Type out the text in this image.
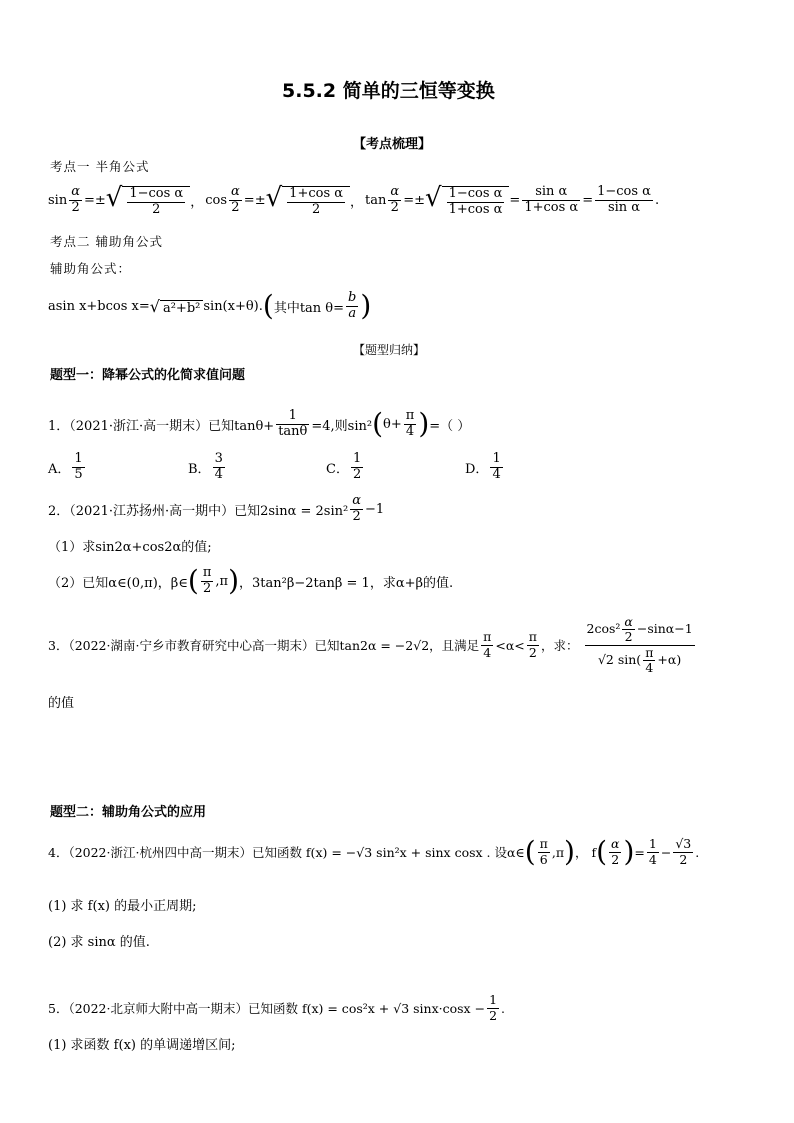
5.5.2 简单的三恒等变换
【考点梳理】
考点一 半角公式
$\sin \frac{\alpha}{2}$ =± √ $\frac{\text{1−cos α}}{2}$ ， $\cos \frac{\alpha}{2}$ =± √ $\frac{\text{1+cos α}}{2}$ ， $\tan \frac{\alpha}{2}$ =± √ $\frac{\text{1−cos α}}{\text{1+cos α}} = \frac{\text{sin α}}{\text{1+cos α}} = \frac{\text{1−cos α}}{\text{sin α}}$ .
考点二 辅助角公式
辅助角公式：
asin x+bcos x= √ a²+b² sin(x+θ). ( 其中$\tan \theta= \frac{b}{a}$ )
【题型归纳】
题型一：降幂公式的化简求值问题
1．（2021·浙江·高一期末）已知$\tan\theta+ \frac{1}{\tan\theta} =4$,则sin² ( $\theta+ \frac{\pi}{4}$ ) =（ ）
A． $\frac{1}{5}$	B． $\frac{3}{4}$	C． $\frac{1}{2}$	D． $\frac{1}{4}$
2．（2021·江苏扬州·高一期中）已知$2\sin\alpha = 2\sin^2 \frac{\alpha}{2} -1$
（1）求sin2α+cos2α的值;
（2）已知α∈(0,π)，β∈ ( $\frac{\pi}{2} ,\pi$ ) ，3tan²β−2tanβ = 1，求α+β的值.
3．（2022·湖南·宁乡市教育研究中心高一期末）已知tan2α = −2√2，且满足 $\frac{\pi}{4} <\alpha< \frac{\pi}{2}$ ，求： $\frac{2\cos^2 \frac{\alpha}{2} -\sin\alpha-1}{√2 \sin( \frac{\pi}{4} +\alpha)}$
的值
题型二：辅助角公式的应用
4．（2022·浙江·杭州四中高一期末）已知函数 f(x) = −√3 sin²x + sinx cosx . 设α∈ ( $\frac{\pi}{6} ,\pi$ ) ， f ( $\frac{\alpha}{2}$ ) = $\frac{1}{4} - \frac{√3}{2}$ .
(1) 求 f(x) 的最小正周期;
(2) 求 sinα 的值.
5．（2022·北京师大附中高一期末）已知函数 f(x) = cos²x + √3 $\sin x\cdot\cos x - \frac{1}{2}$ .
(1) 求函数 f(x) 的单调递增区间;
